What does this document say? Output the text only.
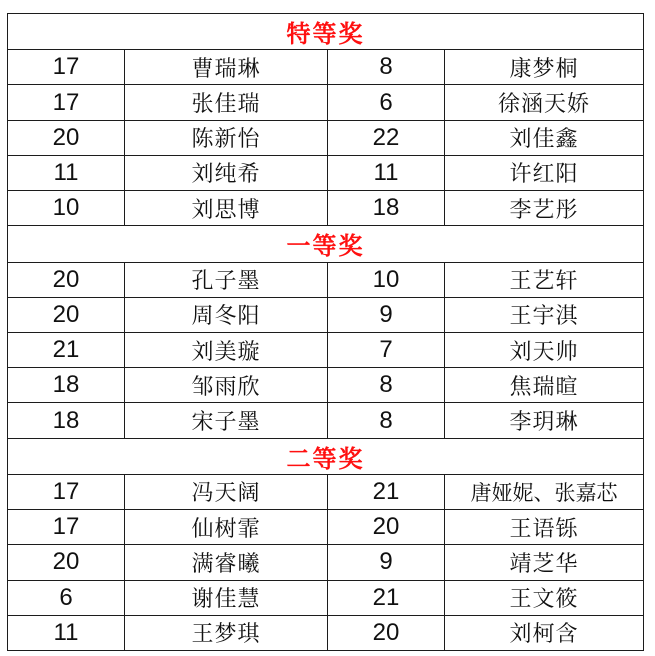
特等奖			
17	曹瑞琳	8	康梦桐
17	张佳瑞	6	徐涵天娇
20	陈新怡	22	刘佳鑫
11	刘纯希	11	许红阳
10	刘思博	18	李艺彤
一等奖			
20	孔子墨	10	王艺轩
20	周冬阳	9	王宇淇
21	刘美璇	7	刘天帅
18	邹雨欣	8	焦瑞暄
18	宋子墨	8	李玥琳
二等奖			
17	冯天阔	21	唐娅妮、张嘉芯
17	仙树霏	20	王语铄
20	满睿曦	9	靖芝华
6	谢佳慧	21	王文筱
11	王梦琪	20	刘柯含
